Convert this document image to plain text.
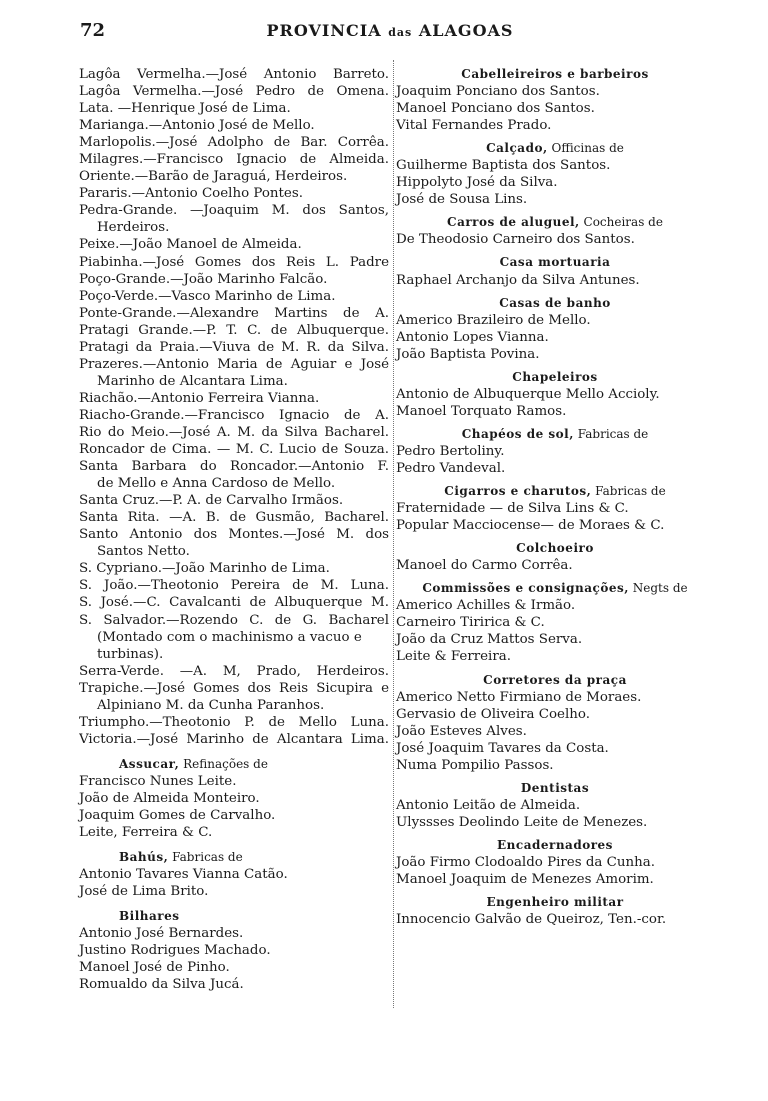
72	PROVINCIA das ALAGOAS
Lagôa Vermelha.—José Antonio Barreto.
Lagôa Vermelha.—José Pedro de Omena.
Lata. —Henrique José de Lima.
Mariangа.—Antonio José de Mello.
Marlopolis.—José Adolpho de Bar. Corrêa.
Milagres.—Francisco Ignacio de Almeida.
Oriente.—Barão de Jaraguá, Herdeiros.
Pararis.—Antonio Coelho Pontes.
Pedra-Grande. —Joaquim M. dos Santos,
Herdeiros.
Peixe.—João Manoel de Almeida.
Piabinha.—José Gomes dos Reis L. Padre
Poço-Grande.—João Marinho Falcão.
Poço-Verde.—Vasco Marinho de Lima.
Ponte-Grande.—Alexandre Martins de A.
Pratagi Grande.—P. T. C. de Albuquerque.
Pratagi da Praia.—Viuva de M. R. da Silva.
Prazeres.—Antonio Maria de Aguiar e José
Marinho de Alcantara Lima.
Riachão.—Antonio Ferreira Vianna.
Riacho-Grande.—Francisco Ignacio de A.
Rio do Meio.—José A. M. da Silva Bacharel.
Roncador de Cima. — M. C. Lucio de Souza.
Santa Barbara do Roncador.—Antonio F.
de Mello e Anna Cardoso de Mello.
Santa Cruz.—P. A. de Carvalho Irmãos.
Santa Rita. —A. B. de Gusmão, Bacharel.
Santo Antonio dos Montes.—José M. dos
Santos Netto.
S. Cypriano.—João Marinho de Lima.
S. João.—Theotonio Pereira de M. Luna.
S. José.—C. Cavalcanti de Albuquerque M.
S. Salvador.—Rozendo C. de G. Bacharel
(Montado com o machinismo a vacuo e
turbinas).
Serra-Verde. —A. M, Prado, Herdeiros.
Trapiche.—José Gomes dos Reis Sicupira e
Alpiniano M. da Cunha Paranhos.
Triumpho.—Theotonio P. de Mello Luna.
Victoria.—José Marinho de Alcantara Lima.
Assucar, Refinações de
Francisco Nunes Leite.
João de Almeida Monteiro.
Joaquim Gomes de Carvalho.
Leite, Ferreira & C.
Bahús, Fabricas de
Antonio Tavares Vianna Catão.
José de Lima Brito.
Bilhares
Antonio José Bernardes.
Justino Rodrigues Machado.
Manoel José de Pinho.
Romualdo da Silva Jucá.
Cabelleireiros e barbeiros
Joaquim Ponciano dos Santos.
Manoel Ponciano dos Santos.
Vital Fernandes Prado.
Calçado, Officinas de
Guilherme Baptista dos Santos.
Hippolyto José da Silva.
José de Sousa Lins.
Carros de aluguel, Cocheiras de
De Theodosio Carneiro dos Santos.
Casa mortuaria
Raphael Archanjo da Silva Antunes.
Casas de banho
Americo Brazileiro de Mello.
Antonio Lopes Vianna.
João Baptista Povina.
Chapeleiros
Antonio de Albuquerque Mello Accioly.
Manoel Torquato Ramos.
Chapéos de sol, Fabricas de
Pedro Bertoliny.
Pedro Vandeval.
Cigarros e charutos, Fabricas de
Fraternidade — de Silva Lins & C.
Popular Macciocense— de Moraes & C.
Colchoeiro
Manoel do Carmo Corrêa.
Commissões e consignações, Negts de
Americo Achilles & Irmão.
Carneiro Tiririca & C.
João da Cruz Mattos Serva.
Leite & Ferreira.
Corretores da praça
Americo Netto Firmiano de Moraes.
Gervasio de Oliveira Coelho.
João Esteves Alves.
José Joaquim Tavares da Costa.
Numa Pompilio Passos.
Dentistas
Antonio Leitão de Almeida.
Ulyssses Deolindo Leite de Menezes.
Encadernadores
João Firmo Clodoaldo Pires da Cunha.
Manoel Joaquim de Menezes Amorim.
Engenheiro militar
Innocencio Galvão de Queiroz, Ten.-cor.
